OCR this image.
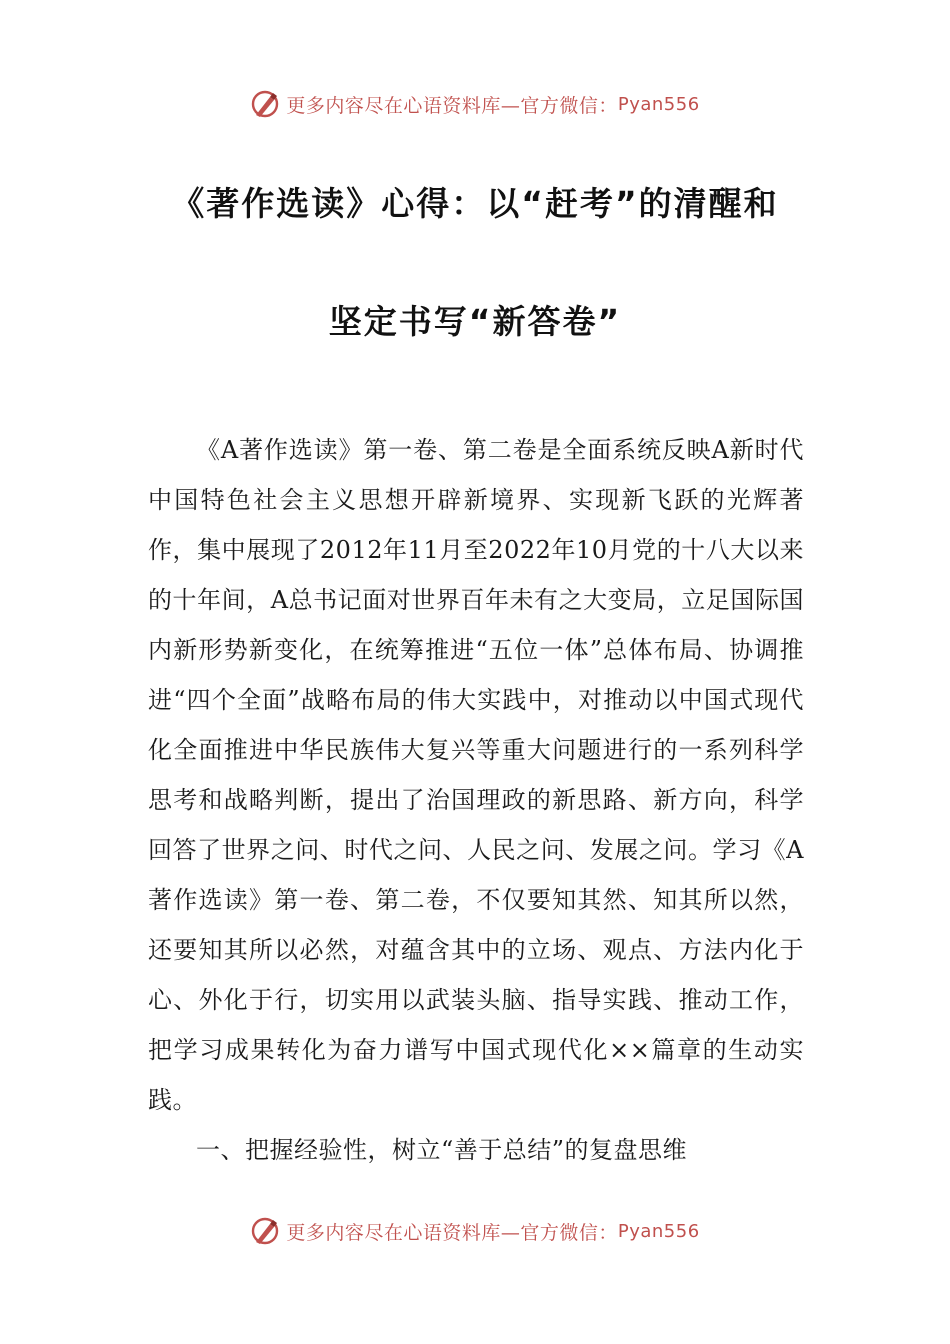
更多内容尽在心语资料库—官方微信： Pyan556
《著作选读》心得：以“赶考”的清醒和
坚定书写“新答卷”

《A著作选读》第一卷、第二卷是全面系统反映A新时代中国特色社会主义思想开辟新境界、实现新飞跃的光辉著作，集中展现了2012年11月至2022年10月党的十八大以来的十年间，A总书记面对世界百年未有之大变局，立足国际国内新形势新变化，在统筹推进“五位一体”总体布局、协调推进“四个全面”战略布局的伟大实践中，对推动以中国式现代化全面推进中华民族伟大复兴等重大问题进行的一系列科学思考和战略判断，提出了治国理政的新思路、新方向，科学回答了世界之问、时代之问、人民之问、发展之问。学习《A著作选读》第一卷、第二卷，不仅要知其然、知其所以然，还要知其所以必然，对蕴含其中的立场、观点、方法内化于心、外化于行，切实用以武装头脑、指导实践、推动工作，把学习成果转化为奋力谱写中国式现代化××篇章的生动实践。

一、把握经验性，树立“善于总结”的复盘思维

更多内容尽在心语资料库—官方微信： Pyan556
